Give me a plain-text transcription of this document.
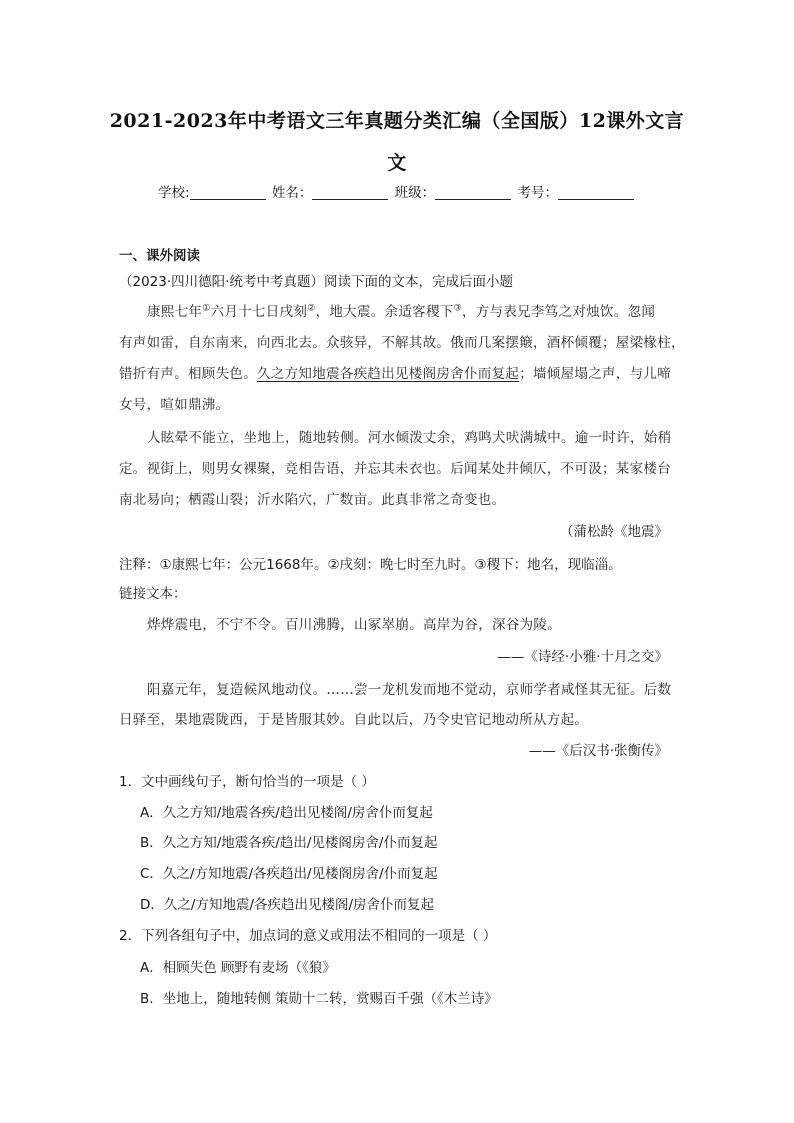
2021-2023年中考语文三年真题分类汇编（全国版）12课外文言
文
学校:	姓名：	班级：	考号：
一、课外阅读
（2023·四川德阳·统考中考真题）阅读下面的文本，完成后面小题
康熙七年①六月十七日戌刻②，地大震。余适客稷下③，方与表兄李笃之对烛饮。忽闻
有声如雷，自东南来，向西北去。众骇异，不解其故。俄而几案摆簸，酒杯倾覆；屋梁椽柱，
错折有声。相顾失色。久之方知地震各疾趋出见楼阁房舍仆而复起；墙倾屋塌之声，与儿啼
女号，喧如鼎沸。
人眩晕不能立，坐地上，随地转侧。河水倾泼丈余，鸡鸣犬吠满城中。逾一时许，始稍
定。视街上，则男女裸聚，竞相告语，并忘其未衣也。后闻某处井倾仄，不可汲；某家楼台
南北易向；栖霞山裂；沂水陷穴，广数亩。此真非常之奇变也。
（蒲松龄《地震》
注释：①康熙七年：公元1668年。②戌刻：晚七时至九时。③稷下：地名，现临淄。
链接文本：
烨烨震电，不宁不令。百川沸腾，山冢崒崩。高岸为谷，深谷为陵。
——《诗经·小雅·十月之交》
阳嘉元年，复造候风地动仪。……尝一龙机发而地不觉动，京师学者咸怪其无征。后数
日驿至，果地震陇西，于是皆服其妙。自此以后，乃令史官记地动所从方起。
——《后汉书·张衡传》
1．文中画线句子，断句恰当的一项是（ ）
A．久之方知/地震各疾/趋出见楼阁/房舍仆而复起
B．久之方知/地震各疾/趋出/见楼阁房舍/仆而复起
C．久之/方知地震/各疾趋出/见楼阁房舍/仆而复起
D．久之/方知地震/各疾趋出见楼阁/房舍仆而复起
2．下列各组句子中，加点词的意义或用法不相同的一项是（ ）
A．相顾失色 顾野有麦场（《狼》
B．坐地上，随地转侧 策勋十二转，赏赐百千强（《木兰诗》
